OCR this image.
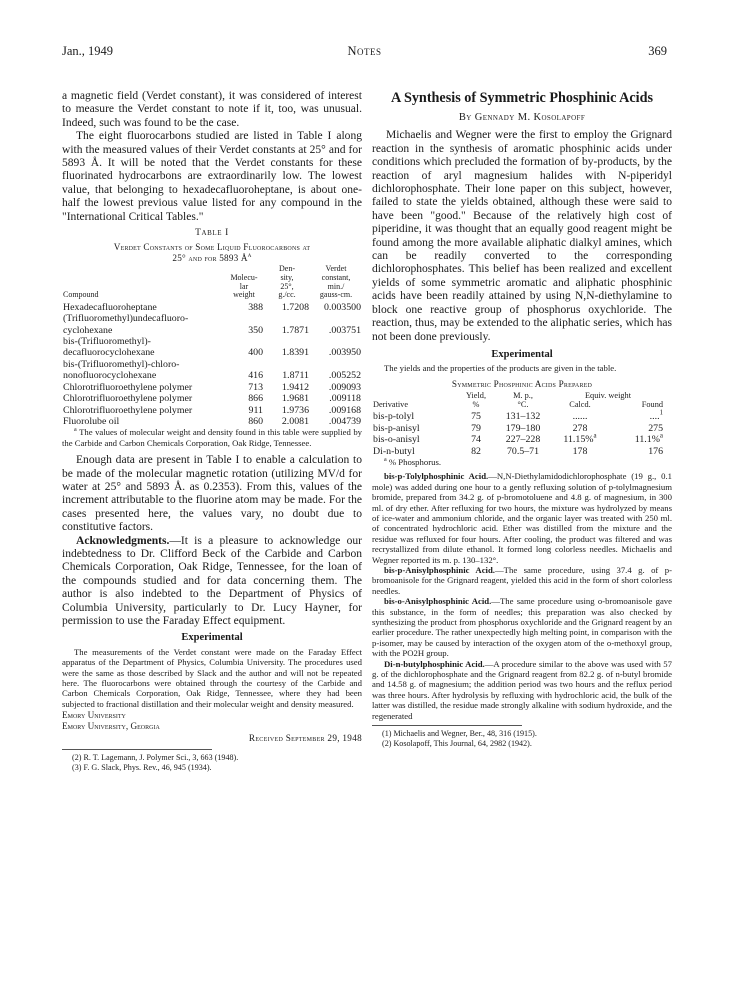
Jan., 1949	Notes	369

a magnetic field (Verdet constant), it was considered of interest to measure the Verdet constant to note if it, too, was unusual. Indeed, such was found to be the case.

The eight fluorocarbons studied are listed in Table I along with the measured values of their Verdet constants at 25° and for 5893 Å. It will be noted that the Verdet constants for these fluorinated hydrocarbons are extraordinarily low. The lowest value, that belonging to hexadecafluoroheptane, is about one-half the lowest previous value listed for any compound in the "International Critical Tables."

Table I
Verdet Constants of Some Liquid Fluorocarbons at
25° and for 5893 $Å^a$
Compound	Molecu-
lar
weight	Den-
sity,
25°,
g./cc.	Verdet
constant,
min./
gauss-cm.
Hexadecafluoroheptane	388	1.7208	0.003500
(Trifluoromethyl)undecafluoro-cyclohexane	350	1.7871	.003751
bis-(Trifluoromethyl)-decafluorocyclohexane	400	1.8391	.003950
bis-(Trifluoromethyl)-chloro-nonofluorocyclohexane	416	1.8711	.005252
Chlorotrifluoroethylene polymer	713	1.9412	.009093
Chlorotrifluoroethylene polymer	866	1.9681	.009118
Chlorotrifluoroethylene polymer	911	1.9736	.009168
Fluorolube oil	860	2.0081	.004739

$^a$ The values of molecular weight and density found in this table were supplied by the Carbide and Carbon Chemicals Corporation, Oak Ridge, Tennessee.

Enough data are present in Table I to enable a calculation to be made of the molecular magnetic rotation (utilizing MV/d for water at 25° and 5893 Å. as 0.2353). From this, values of the increment attributable to the fluorine atom may be made. For the cases presented here, the values vary, no doubt due to constitutive factors.

Acknowledgments.—It is a pleasure to acknowledge our indebtedness to Dr. Clifford Beck of the Carbide and Carbon Chemicals Corporation, Oak Ridge, Tennessee, for the loan of the compounds studied and for data concerning them. The author is also indebted to the Department of Physics of Columbia University, particularly to Dr. Lucy Hayner, for permission to use the Faraday Effect equipment.

Experimental

The measurements of the Verdet constant were made on the Faraday Effect apparatus of the Department of Physics, Columbia University. The procedures used were the same as those described by Slack and the author and will not be repeated here. The fluorocarbons were obtained through the courtesy of the Carbide and Carbon Chemicals Corporation, Oak Ridge, Tennessee, where they had been subjected to fractional distillation and their molecular weight and density measured.

Emory University
Emory University, Georgia
Received September 29, 1948

(2) R. T. Lagemann, J. Polymer Sci., 3, 663 (1948).

(3) F. G. Slack, Phys. Rev., 46, 945 (1934).

A Synthesis of Symmetric Phosphinic Acids
By Gennady M. Kosolapoff

Michaelis and Wegner were the first to employ the Grignard reaction in the synthesis of aromatic phosphinic acids under conditions which precluded the formation of by-products, by the reaction of aryl magnesium halides with N-piperidyl dichlorophosphate. Their lone paper on this subject, however, failed to state the yields obtained, although these were said to have been "good." Because of the relatively high cost of piperidine, it was thought that an equally good reagent might be found among the more available aliphatic dialkyl amines, which can be readily converted to the corresponding dichlorophosphates. This belief has been realized and excellent yields of some symmetric aromatic and aliphatic phosphinic acids have been readily attained by using N,N-diethylamine to block one reactive group of phosphorus oxychloride. The reaction, thus, may be extended to the aliphatic series, which has not been done previously.

Experimental

The yields and the properties of the products are given in the table.

Symmetric Phosphinic Acids Prepared
Derivative	Yield,
%	M. p.,
°C.	Equiv. weight	
			Calcd.	Found
bis-p-tolyl	75	131–132	......	....$^1$
bis-p-anisyl	79	179–180	278	275
bis-o-anisyl	74	227–228	11.15%$^a$	11.1%$^a$
Di-n-butyl	82	70.5–71	178	176

$^a$ % Phosphorus.

bis-p-Tolylphosphinic Acid.—N,N-Diethylamidodichlorophosphate (19 g., 0.1 mole) was added during one hour to a gently refluxing solution of p-tolylmagnesium bromide, prepared from 34.2 g. of p-bromotoluene and 4.8 g. of magnesium, in 300 ml. of dry ether. After refluxing for two hours, the mixture was hydrolyzed by means of ice-water and ammonium chloride, and the organic layer was treated with 250 ml. of concentrated hydrochloric acid. Ether was distilled from the mixture and the residue was refluxed for four hours. After cooling, the product was filtered and was recrystallized from dilute ethanol. It formed long colorless needles. Michaelis and Wegner reported its m. p. 130–132°.

bis-p-Anisylphosphinic Acid.—The same procedure, using 37.4 g. of p-bromoanisole for the Grignard reagent, yielded this acid in the form of short colorless needles.

bis-o-Anisylphosphinic Acid.—The same procedure using o-bromoanisole gave this substance, in the form of needles; this preparation was also checked by synthesizing the product from phosphorus oxychloride and the Grignard reagent by an earlier procedure. The rather unexpectedly high melting point, in comparison with the p-isomer, may be caused by interaction of the oxygen atom of the o-methoxyl group, with the PO2H group.

Di-n-butylphosphinic Acid.—A procedure similar to the above was used with 57 g. of the dichlorophosphate and the Grignard reagent from 82.2 g. of n-butyl bromide and 14.58 g. of magnesium; the addition period was two hours and the reflux period was three hours. After hydrolysis by refluxing with hydrochloric acid, the bulk of the latter was distilled, the residue made strongly alkaline with sodium hydroxide, and the regenerated

(1) Michaelis and Wegner, Ber., 48, 316 (1915).

(2) Kosolapoff, This Journal, 64, 2982 (1942).
